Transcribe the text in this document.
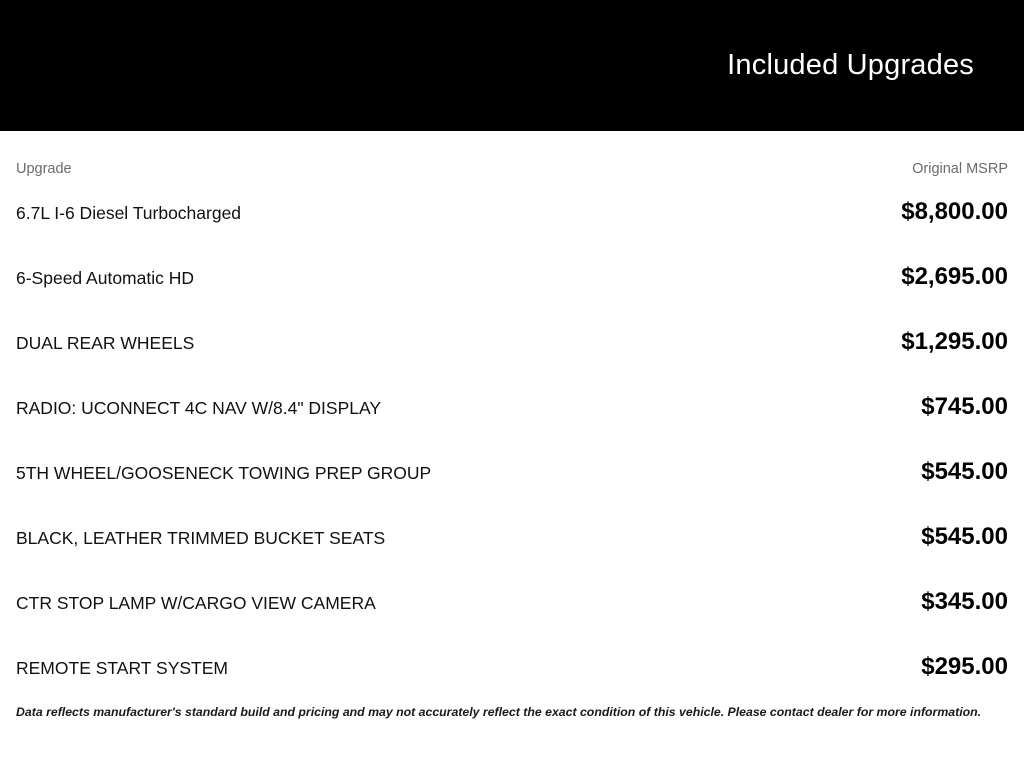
Included Upgrades
Upgrade	Original MSRP
6.7L I-6 Diesel Turbocharged	$8,800.00
6-Speed Automatic HD	$2,695.00
DUAL REAR WHEELS	$1,295.00
RADIO: UCONNECT 4C NAV W/8.4" DISPLAY	$745.00
5TH WHEEL/GOOSENECK TOWING PREP GROUP	$545.00
BLACK, LEATHER TRIMMED BUCKET SEATS	$545.00
CTR STOP LAMP W/CARGO VIEW CAMERA	$345.00
REMOTE START SYSTEM	$295.00
Data reflects manufacturer's standard build and pricing and may not accurately reflect the exact condition of this vehicle. Please contact dealer for more information.
